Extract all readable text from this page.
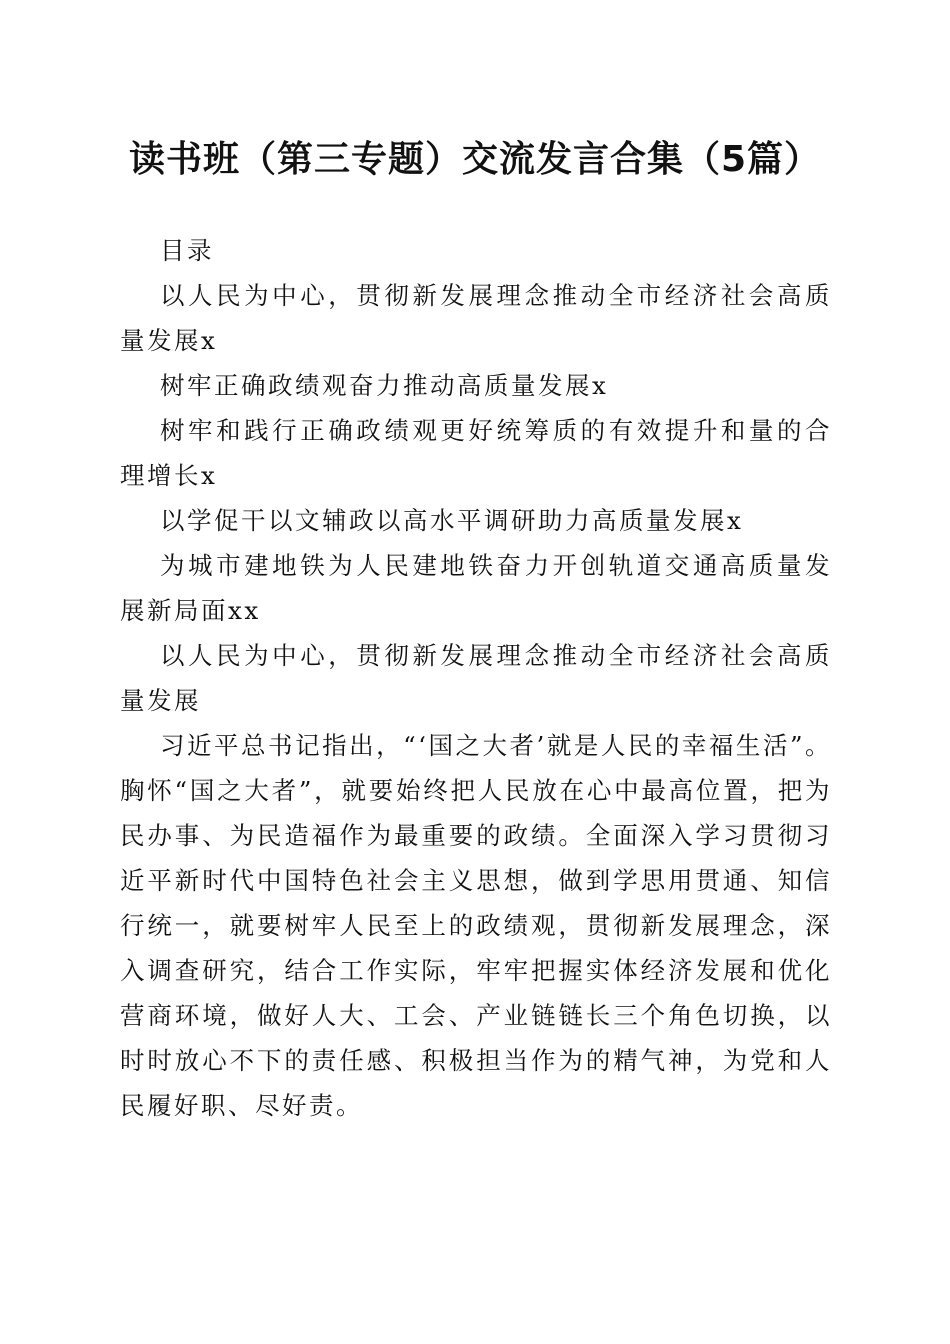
读书班（第三专题）交流发言合集（5篇）

目录

以人民为中心，贯彻新发展理念推动全市经济社会高质量发展x

树牢正确政绩观奋力推动高质量发展x

树牢和践行正确政绩观更好统筹质的有效提升和量的合理增长x

以学促干以文辅政以高水平调研助力高质量发展x

为城市建地铁为人民建地铁奋力开创轨道交通高质量发展新局面xx

以人民为中心，贯彻新发展理念推动全市经济社会高质量发展

习近平总书记指出，“‘国之大者’就是人民的幸福生活”。胸怀“国之大者”，就要始终把人民放在心中最高位置，把为民办事、为民造福作为最重要的政绩。全面深入学习贯彻习近平新时代中国特色社会主义思想，做到学思用贯通、知信行统一，就要树牢人民至上的政绩观，贯彻新发展理念，深入调查研究，结合工作实际，牢牢把握实体经济发展和优化营商环境，做好人大、工会、产业链链长三个角色切换，以时时放心不下的责任感、积极担当作为的精气神，为党和人民履好职、尽好责。
